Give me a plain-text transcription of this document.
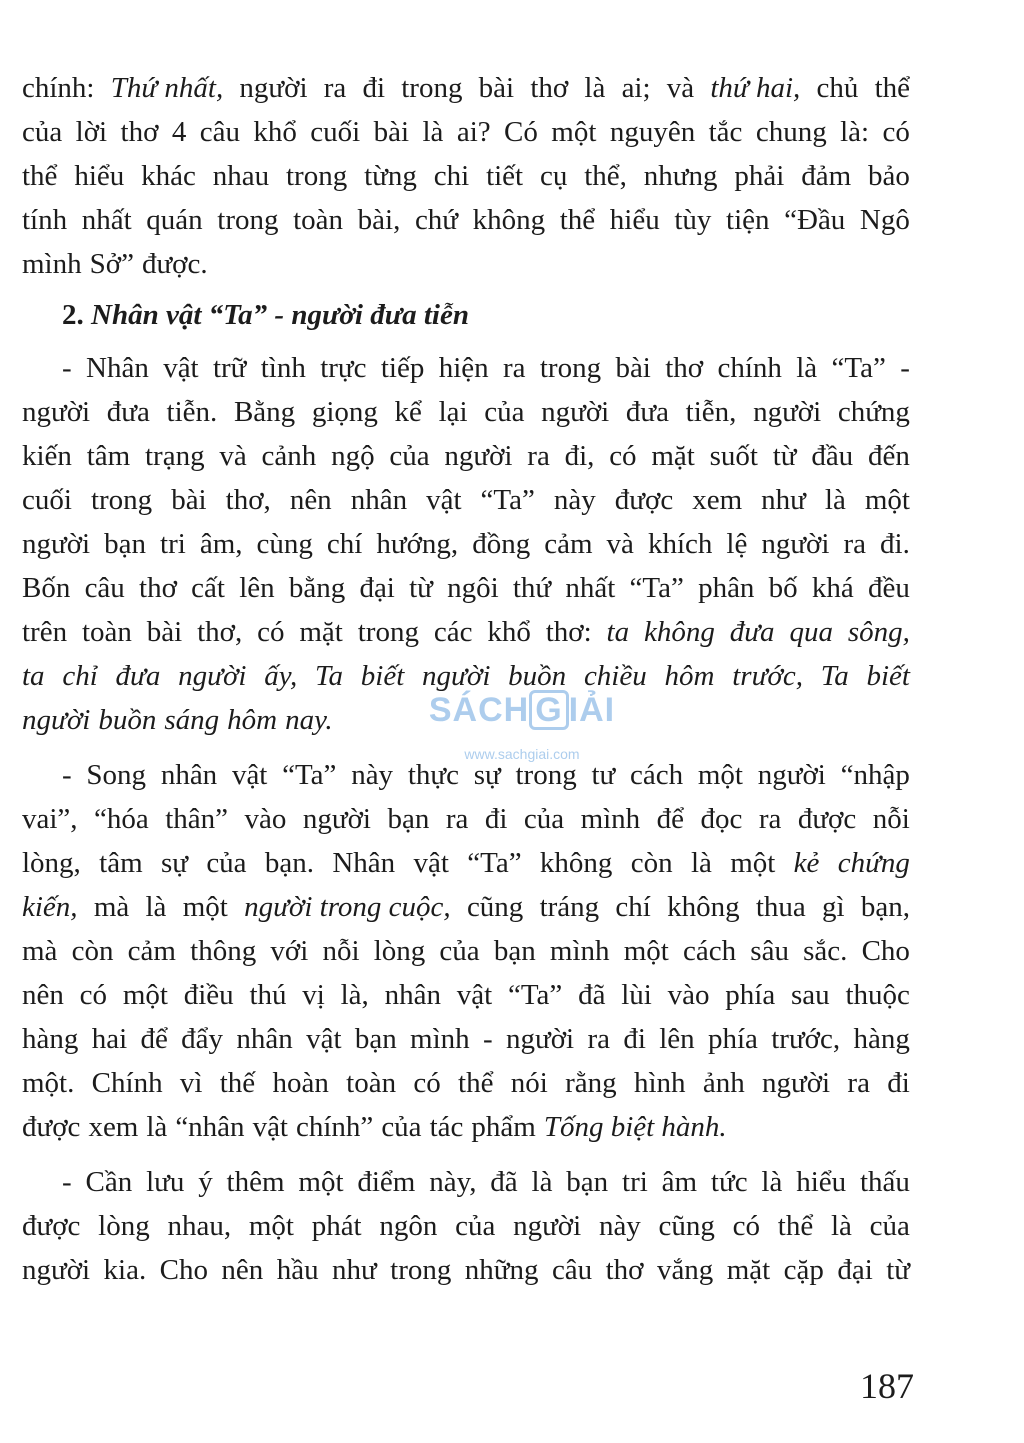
chính: Thứ nhất, người ra đi trong bài thơ là ai; và thứ hai, chủ thể
của lời thơ 4 câu khổ cuối bài là ai? Có một nguyên tắc chung là: có
thể hiểu khác nhau trong từng chi tiết cụ thể, nhưng phải đảm bảo
tính nhất quán trong toàn bài, chứ không thể hiểu tùy tiện “Đầu Ngô
mình Sở” được.
2. Nhân vật “Ta” - người đưa tiễn
- Nhân vật trữ tình trực tiếp hiện ra trong bài thơ chính là “Ta” -
người đưa tiễn. Bằng giọng kể lại của người đưa tiễn, người chứng
kiến tâm trạng và cảnh ngộ của người ra đi, có mặt suốt từ đầu đến
cuối trong bài thơ, nên nhân vật “Ta” này được xem như là một
người bạn tri âm, cùng chí hướng, đồng cảm và khích lệ người ra đi.
Bốn câu thơ cất lên bằng đại từ ngôi thứ nhất “Ta” phân bố khá đều
trên toàn bài thơ, có mặt trong các khổ thơ: ta không đưa qua sông,
ta chỉ đưa người ấy, Ta biết người buồn chiều hôm trước, Ta biết
người buồn sáng hôm nay.
- Song nhân vật “Ta” này thực sự trong tư cách một người “nhập
vai”, “hóa thân” vào người bạn ra đi của mình để đọc ra được nỗi
lòng, tâm sự của bạn. Nhân vật “Ta” không còn là một kẻ chứng
kiến, mà là một người trong cuộc, cũng tráng chí không thua gì bạn,
mà còn cảm thông với nỗi lòng của bạn mình một cách sâu sắc. Cho
nên có một điều thú vị là, nhân vật “Ta” đã lùi vào phía sau thuộc
hàng hai để đẩy nhân vật bạn mình - người ra đi lên phía trước, hàng
một. Chính vì thế hoàn toàn có thể nói rằng hình ảnh người ra đi
được xem là “nhân vật chính” của tác phẩm Tống biệt hành.
- Cần lưu ý thêm một điểm này, đã là bạn tri âm tức là hiểu thấu
được lòng nhau, một phát ngôn của người này cũng có thể là của
người kia. Cho nên hầu như trong những câu thơ vắng mặt cặp đại từ
SÁCH G IẢI
www.sachgiai.com
187
